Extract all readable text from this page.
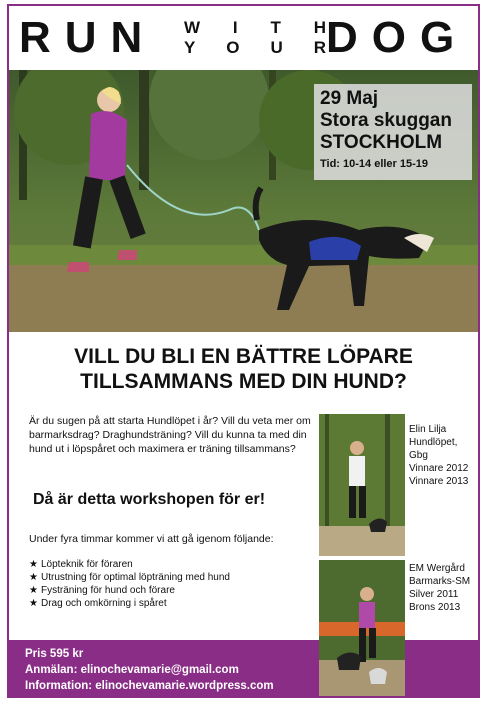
RUN W I T H
Y O U R DOG
29 Maj
Stora skuggan
STOCKHOLM
Tid: 10-14 eller 15-19
VILL DU BLI EN BÄTTRE LÖPARE
TILLSAMMANS MED DIN HUND?
Är du sugen på att starta Hundlöpet i år? Vill du veta mer om barmarksdrag? Draghundsträning? Vill du kunna ta med din hund ut i löpspåret och maximera er träning tillsammans?
Då är detta workshopen för er!
Under fyra timmar kommer vi att gå igenom följande:
★ Löpteknik för föraren
★ Utrustning för optimal löpträning med hund
★ Fysträning för hund och förare
★ Drag och omkörning i spåret
Elin Lilja
Hundlöpet, Gbg
Vinnare 2012
Vinnare 2013
EM Wergård
Barmarks-SM
Silver 2011
Brons 2013
Pris 595 kr
Anmälan: elinochevamarie@gmail.com
Information: elinochevamarie.wordpress.com
